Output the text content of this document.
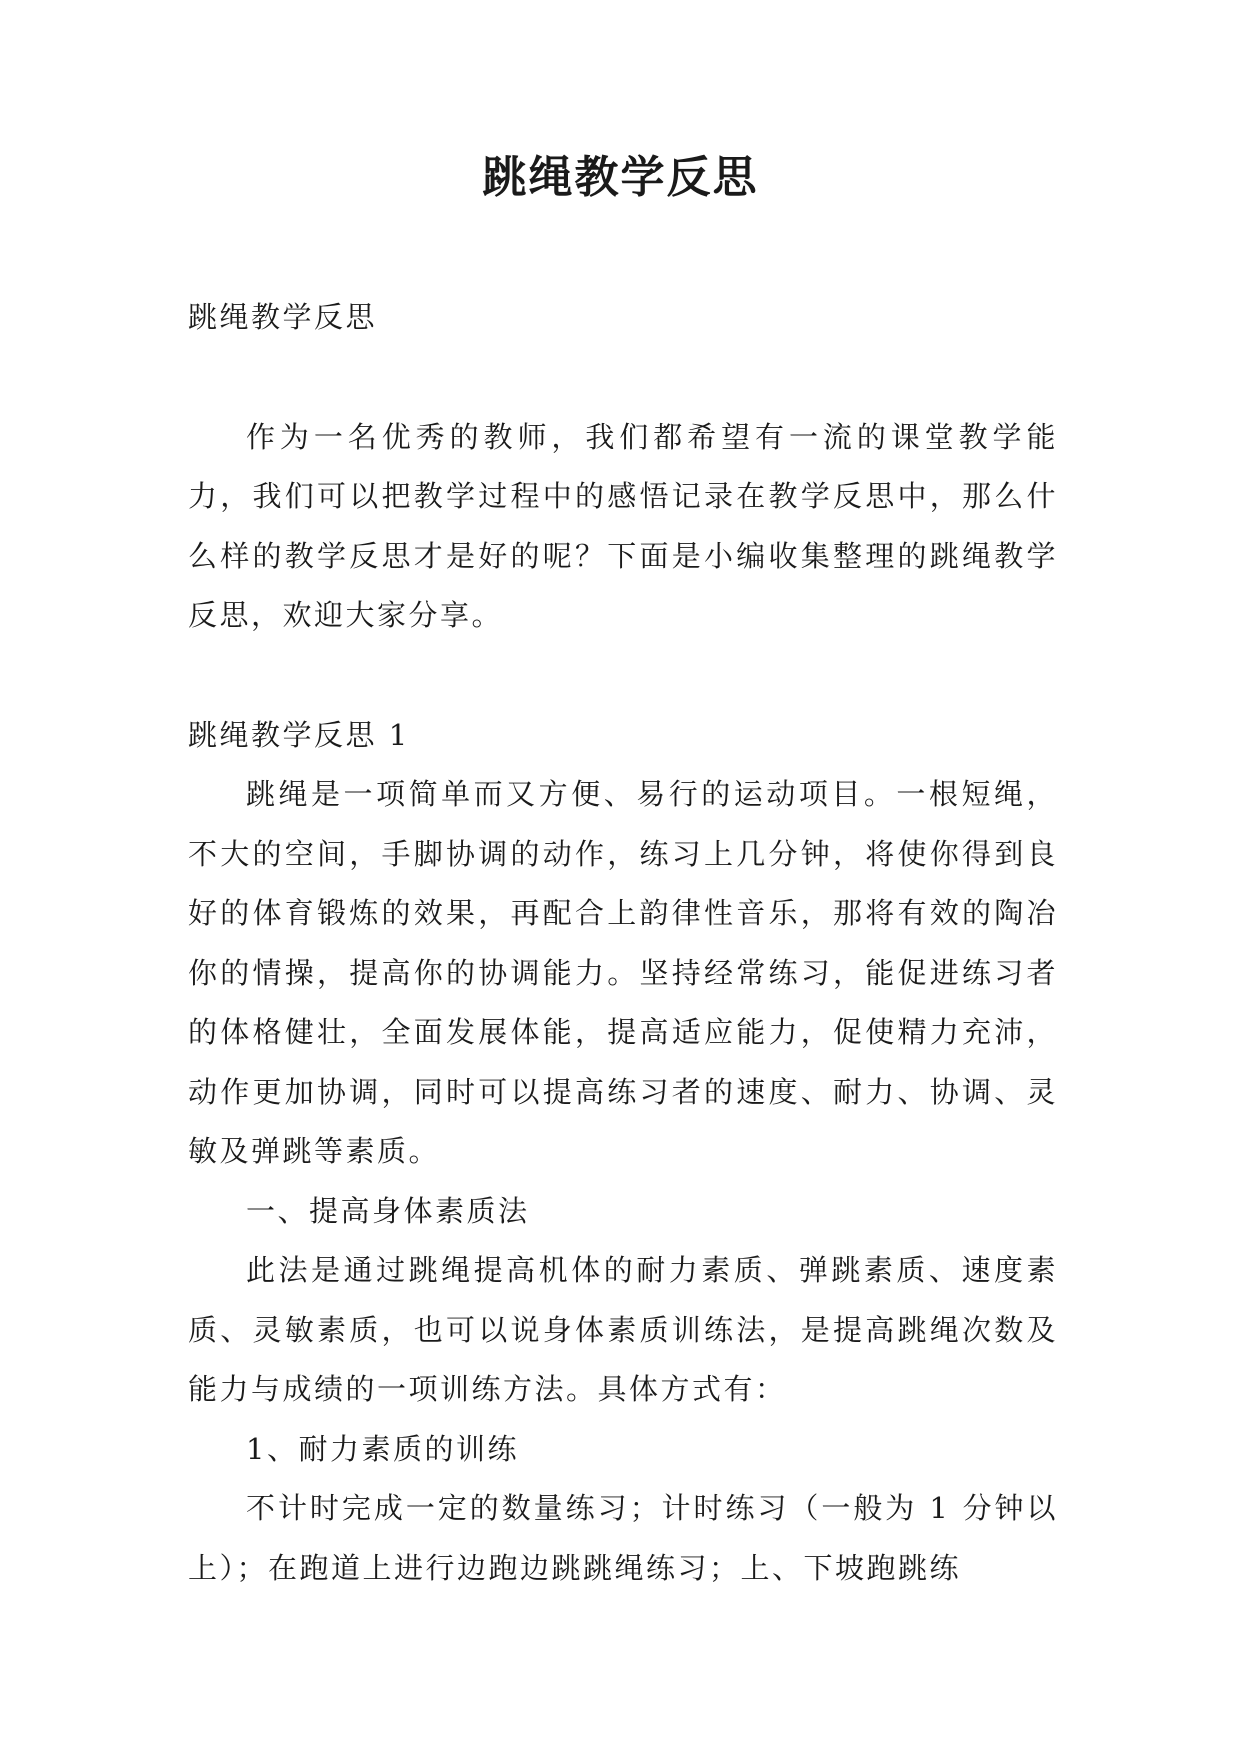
跳绳教学反思

跳绳教学反思

作为一名优秀的教师，我们都希望有一流的课堂教学能力，我们可以把教学过程中的感悟记录在教学反思中，那么什么样的教学反思才是好的呢？下面是小编收集整理的跳绳教学反思，欢迎大家分享。

跳绳教学反思 1

跳绳是一项简单而又方便、易行的运动项目。一根短绳，不大的空间，手脚协调的动作，练习上几分钟，将使你得到良好的体育锻炼的效果，再配合上韵律性音乐，那将有效的陶冶你的情操，提高你的协调能力。坚持经常练习，能促进练习者的体格健壮，全面发展体能，提高适应能力，促使精力充沛，动作更加协调，同时可以提高练习者的速度、耐力、协调、灵敏及弹跳等素质。

一、提高身体素质法

此法是通过跳绳提高机体的耐力素质、弹跳素质、速度素质、灵敏素质，也可以说身体素质训练法，是提高跳绳次数及能力与成绩的一项训练方法。具体方式有：

1、耐力素质的训练

不计时完成一定的数量练习；计时练习（一般为 1 分钟以上）；在跑道上进行边跑边跳跳绳练习；上、下坡跑跳练
